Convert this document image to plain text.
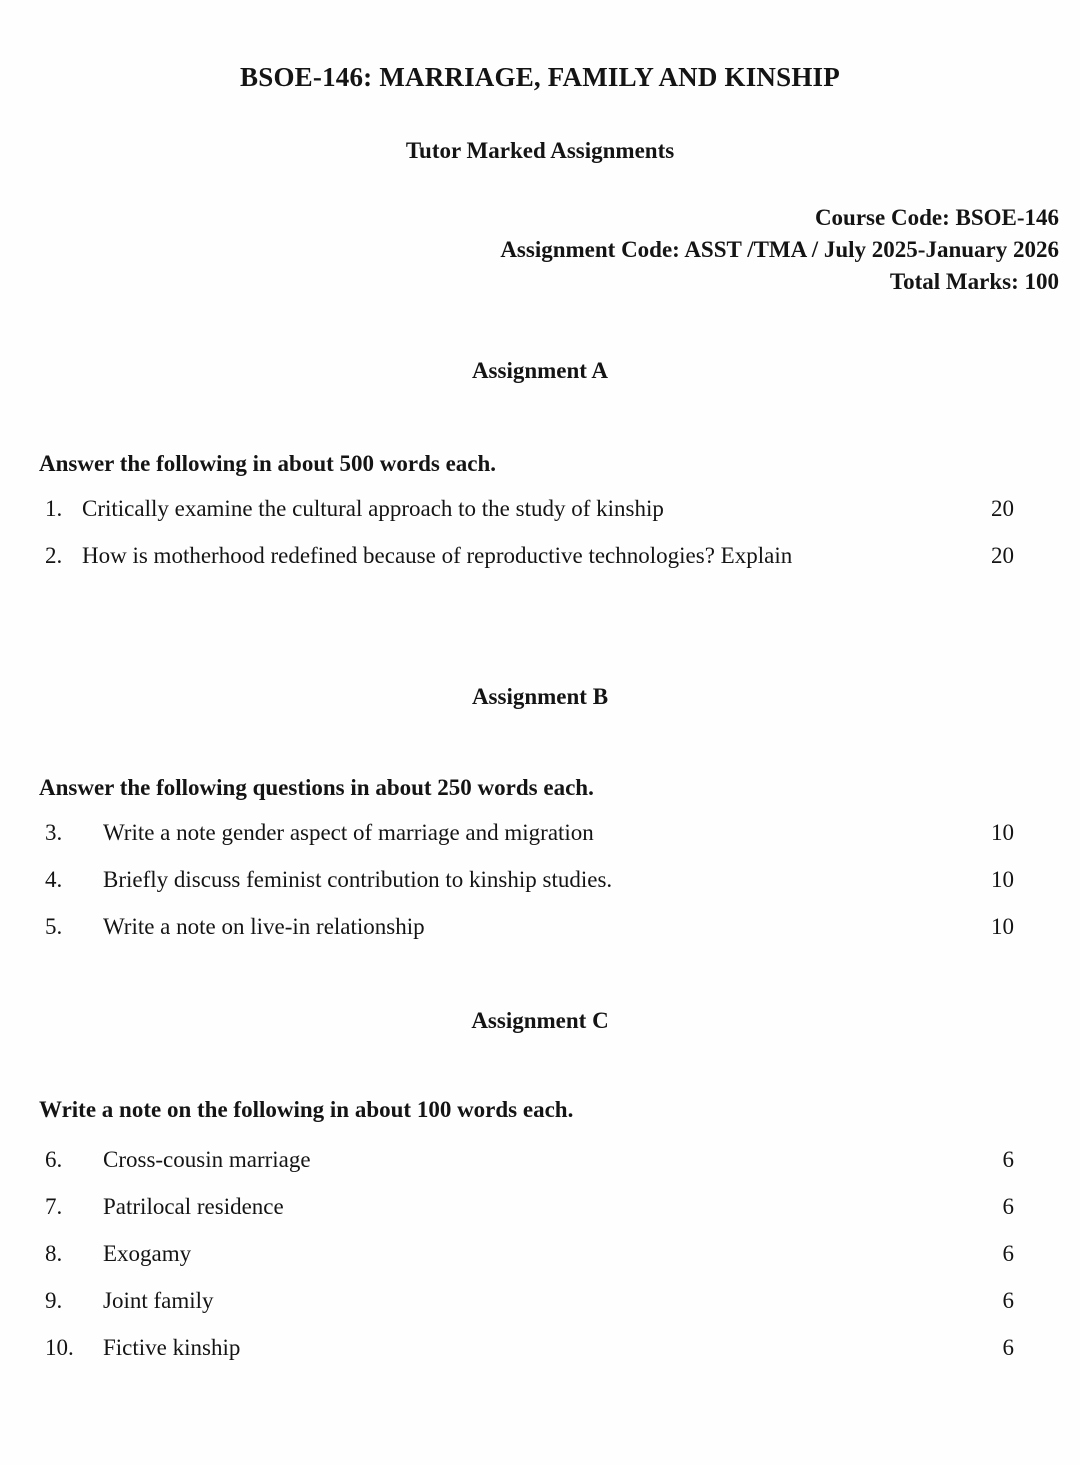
BSOE-146: MARRIAGE, FAMILY AND KINSHIP
Tutor Marked Assignments
Course Code: BSOE-146
Assignment Code: ASST /TMA / July 2025-January 2026
Total Marks: 100
Assignment A
Answer the following in about 500 words each.
1. Critically examine the cultural approach to the study of kinship	20
2. How is motherhood redefined because of reproductive technologies? Explain	20
Assignment B
Answer the following questions in about 250 words each.
3.	Write a note gender aspect of marriage and migration	10
4.	Briefly discuss feminist contribution to kinship studies.	10
5.	Write a note on live-in relationship	10
Assignment C
Write a note on the following in about 100 words each.
6.	Cross-cousin marriage	6
7.	Patrilocal residence	6
8.	Exogamy	6
9.	Joint family	6
10.	Fictive kinship	6
